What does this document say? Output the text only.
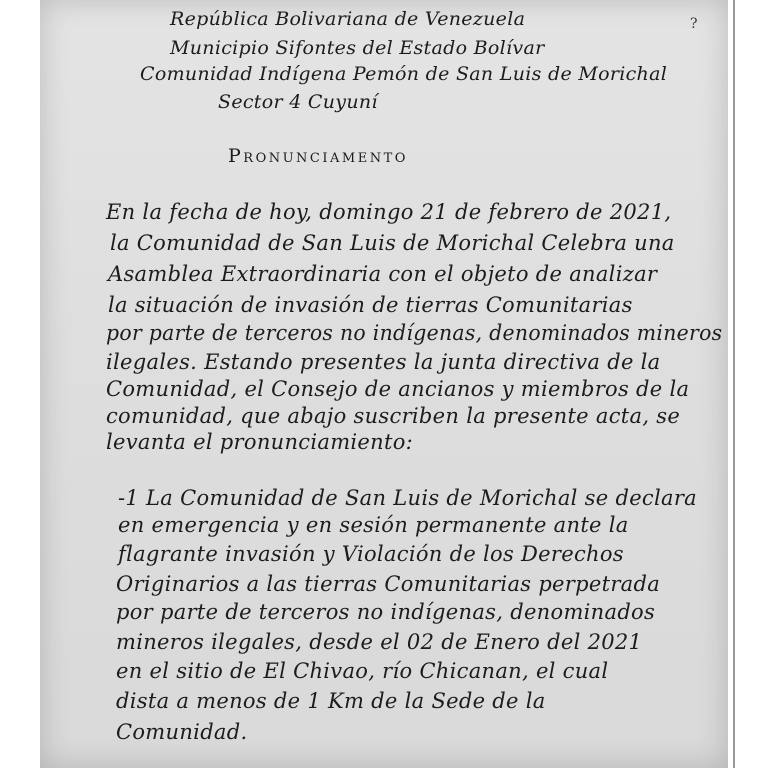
?
República Bolivariana de Venezuela
Municipio Sifontes del Estado Bolívar
Comunidad Indígena Pemón de San Luis de Morichal
Sector 4 Cuyuní
Pronunciamento
En la fecha de hoy, domingo 21 de febrero de 2021,
la Comunidad de San Luis de Morichal Celebra una
Asamblea Extraordinaria con el objeto de analizar
la situación de invasión de tierras Comunitarias
por parte de terceros no indígenas, denominados mineros
ilegales. Estando presentes la junta directiva de la
Comunidad, el Consejo de ancianos y miembros de la
comunidad, que abajo suscriben la presente acta, se
levanta el pronunciamiento:
-1 La Comunidad de San Luis de Morichal se declara
en emergencia y en sesión permanente ante la
flagrante invasión y Violación de los Derechos
Originarios a las tierras Comunitarias perpetrada
por parte de terceros no indígenas, denominados
mineros ilegales, desde el 02 de Enero del 2021
en el sitio de El Chivao, río Chicanan, el cual
dista a menos de 1 Km de la Sede de la
Comunidad.
